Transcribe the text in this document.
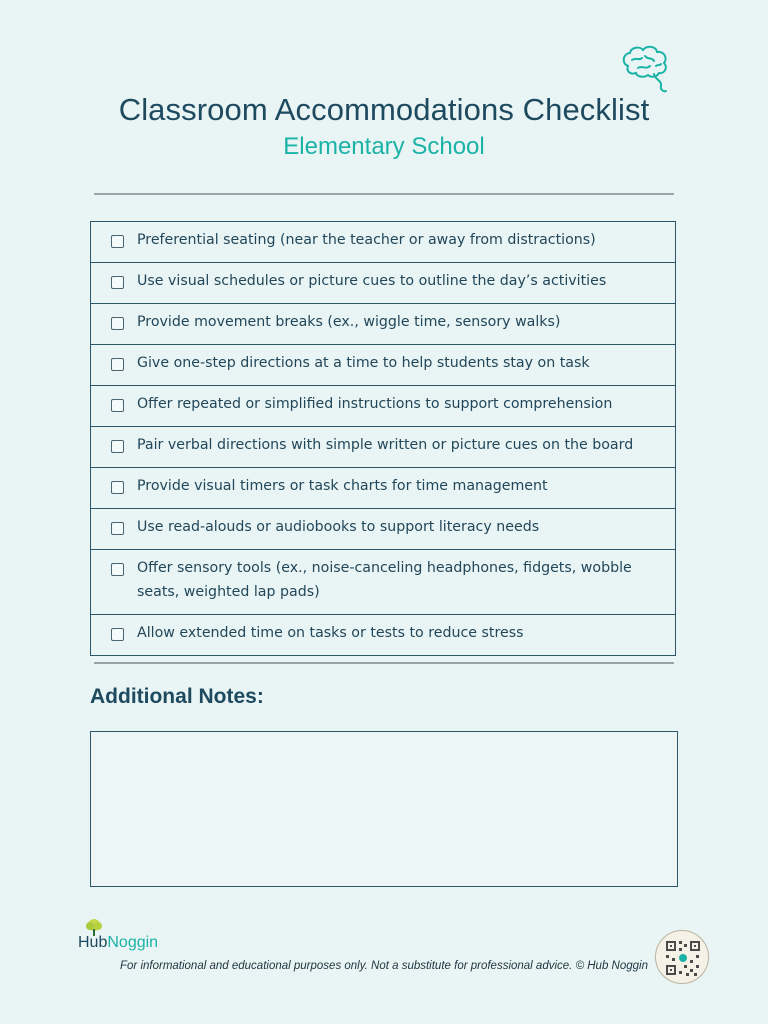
Classroom Accommodations Checklist
Elementary School
Preferential seating (near the teacher or away from distractions)
Use visual schedules or picture cues to outline the day’s activities
Provide movement breaks (ex., wiggle time, sensory walks)
Give one-step directions at a time to help students stay on task
Offer repeated or simplified instructions to support comprehension
Pair verbal directions with simple written or picture cues on the board
Provide visual timers or task charts for time management
Use read-alouds or audiobooks to support literacy needs
Offer sensory tools (ex., noise-canceling headphones, fidgets, wobble seats, weighted lap pads)
Allow extended time on tasks or tests to reduce stress
Additional Notes:
HubNoggin
For informational and educational purposes only. Not a substitute for professional advice. © Hub Noggin
